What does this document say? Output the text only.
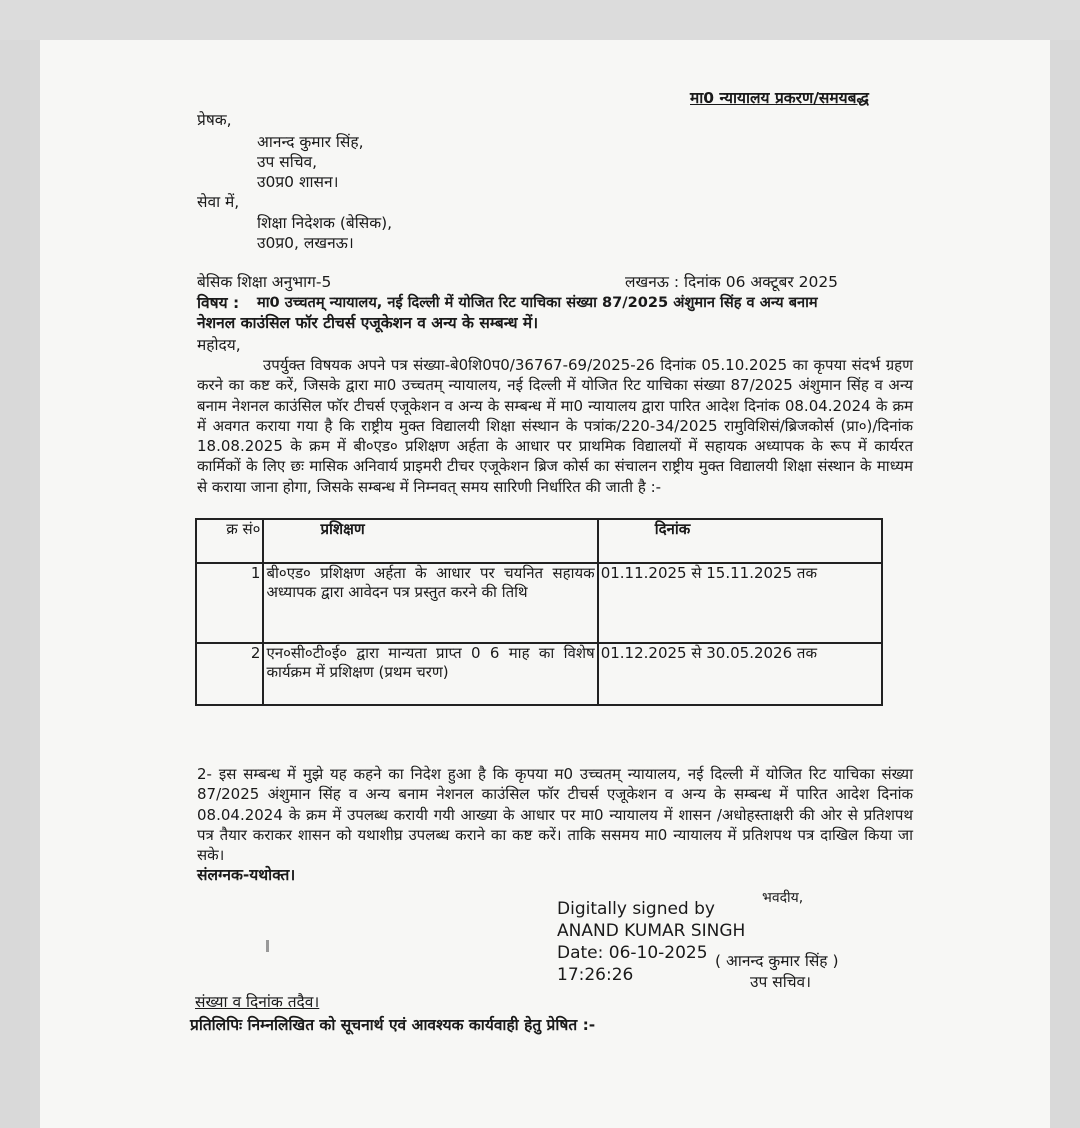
मा0 न्यायालय प्रकरण/समयबद्ध
प्रेषक,
आनन्द कुमार सिंह,
उप सचिव,
उ0प्र0 शासन।
सेवा में,
शिक्षा निदेशक (बेसिक),
उ0प्र0, लखनऊ।
बेसिक शिक्षा अनुभाग-5	लखनऊ : दिनांक 06 अक्टूबर 2025
विषय : मा0 उच्चतम् न्यायालय, नई दिल्ली में योजित रिट याचिका संख्या 87/2025 अंशुमान सिंह व अन्य बनाम
नेशनल काउंसिल फॉर टीचर्स एजूकेशन व अन्य के सम्बन्ध में।
महोदय,
उपर्युक्त विषयक अपने पत्र संख्या-बे0शि0प0/36767-69/2025-26 दिनांक 05.10.2025 का कृपया संदर्भ ग्रहण करने का कष्ट करें, जिसके द्वारा मा0 उच्चतम् न्यायालय, नई दिल्ली में योजित रिट याचिका संख्या 87/2025 अंशुमान सिंह व अन्य बनाम नेशनल काउंसिल फॉर टीचर्स एजूकेशन व अन्य के सम्बन्ध में मा0 न्यायालय द्वारा पारित आदेश दिनांक 08.04.2024 के क्रम में अवगत कराया गया है कि राष्ट्रीय मुक्त विद्यालयी शिक्षा संस्थान के पत्रांक/220-34/2025 रामुविशिसं/ब्रिजकोर्स (प्रा०)/दिनांक 18.08.2025 के क्रम में बी०एड० प्रशिक्षण अर्हता के आधार पर प्राथमिक विद्यालयों में सहायक अध्यापक के रूप में कार्यरत कार्मिकों के लिए छः मासिक अनिवार्य प्राइमरी टीचर एजूकेशन ब्रिज कोर्स का संचालन राष्ट्रीय मुक्त विद्यालयी शिक्षा संस्थान के माध्यम से कराया जाना होगा, जिसके सम्बन्ध में निम्नवत् समय सारिणी निर्धारित की जाती है :-
क्र सं०	प्रशिक्षण	दिनांक
1	बी०एड० प्रशिक्षण अर्हता के आधार पर चयनित सहायक अध्यापक द्वारा आवेदन पत्र प्रस्तुत करने की तिथि	01.11.2025 से 15.11.2025 तक
2	एन०सी०टी०ई० द्वारा मान्यता प्राप्त 0 6 माह का विशेष कार्यक्रम में प्रशिक्षण (प्रथम चरण)	01.12.2025 से 30.05.2026 तक
2- इस सम्बन्ध में मुझे यह कहने का निदेश हुआ है कि कृपया म0 उच्चतम् न्यायालय, नई दिल्ली में योजित रिट याचिका संख्या 87/2025 अंशुमान सिंह व अन्य बनाम नेशनल काउंसिल फॉर टीचर्स एजूकेशन व अन्य के सम्बन्ध में पारित आदेश दिनांक 08.04.2024 के क्रम में उपलब्ध करायी गयी आख्या के आधार पर मा0 न्यायालय में शासन /अधोहस्ताक्षरी की ओर से प्रतिशपथ पत्र तैयार कराकर शासन को यथाशीघ्र उपलब्ध कराने का कष्ट करें। ताकि ससमय मा0 न्यायालय में प्रतिशपथ पत्र दाखिल किया जा सके।
संलग्नक-यथोक्त।
भवदीय,
Digitally signed by
ANAND KUMAR SINGH
Date: 06-10-2025
17:26:26
( आनन्द कुमार सिंह )
उप सचिव।
संख्या व दिनांक तदैव।
प्रतिलिपिः निम्नलिखित को सूचनार्थ एवं आवश्यक कार्यवाही हेतु प्रेषित :-
